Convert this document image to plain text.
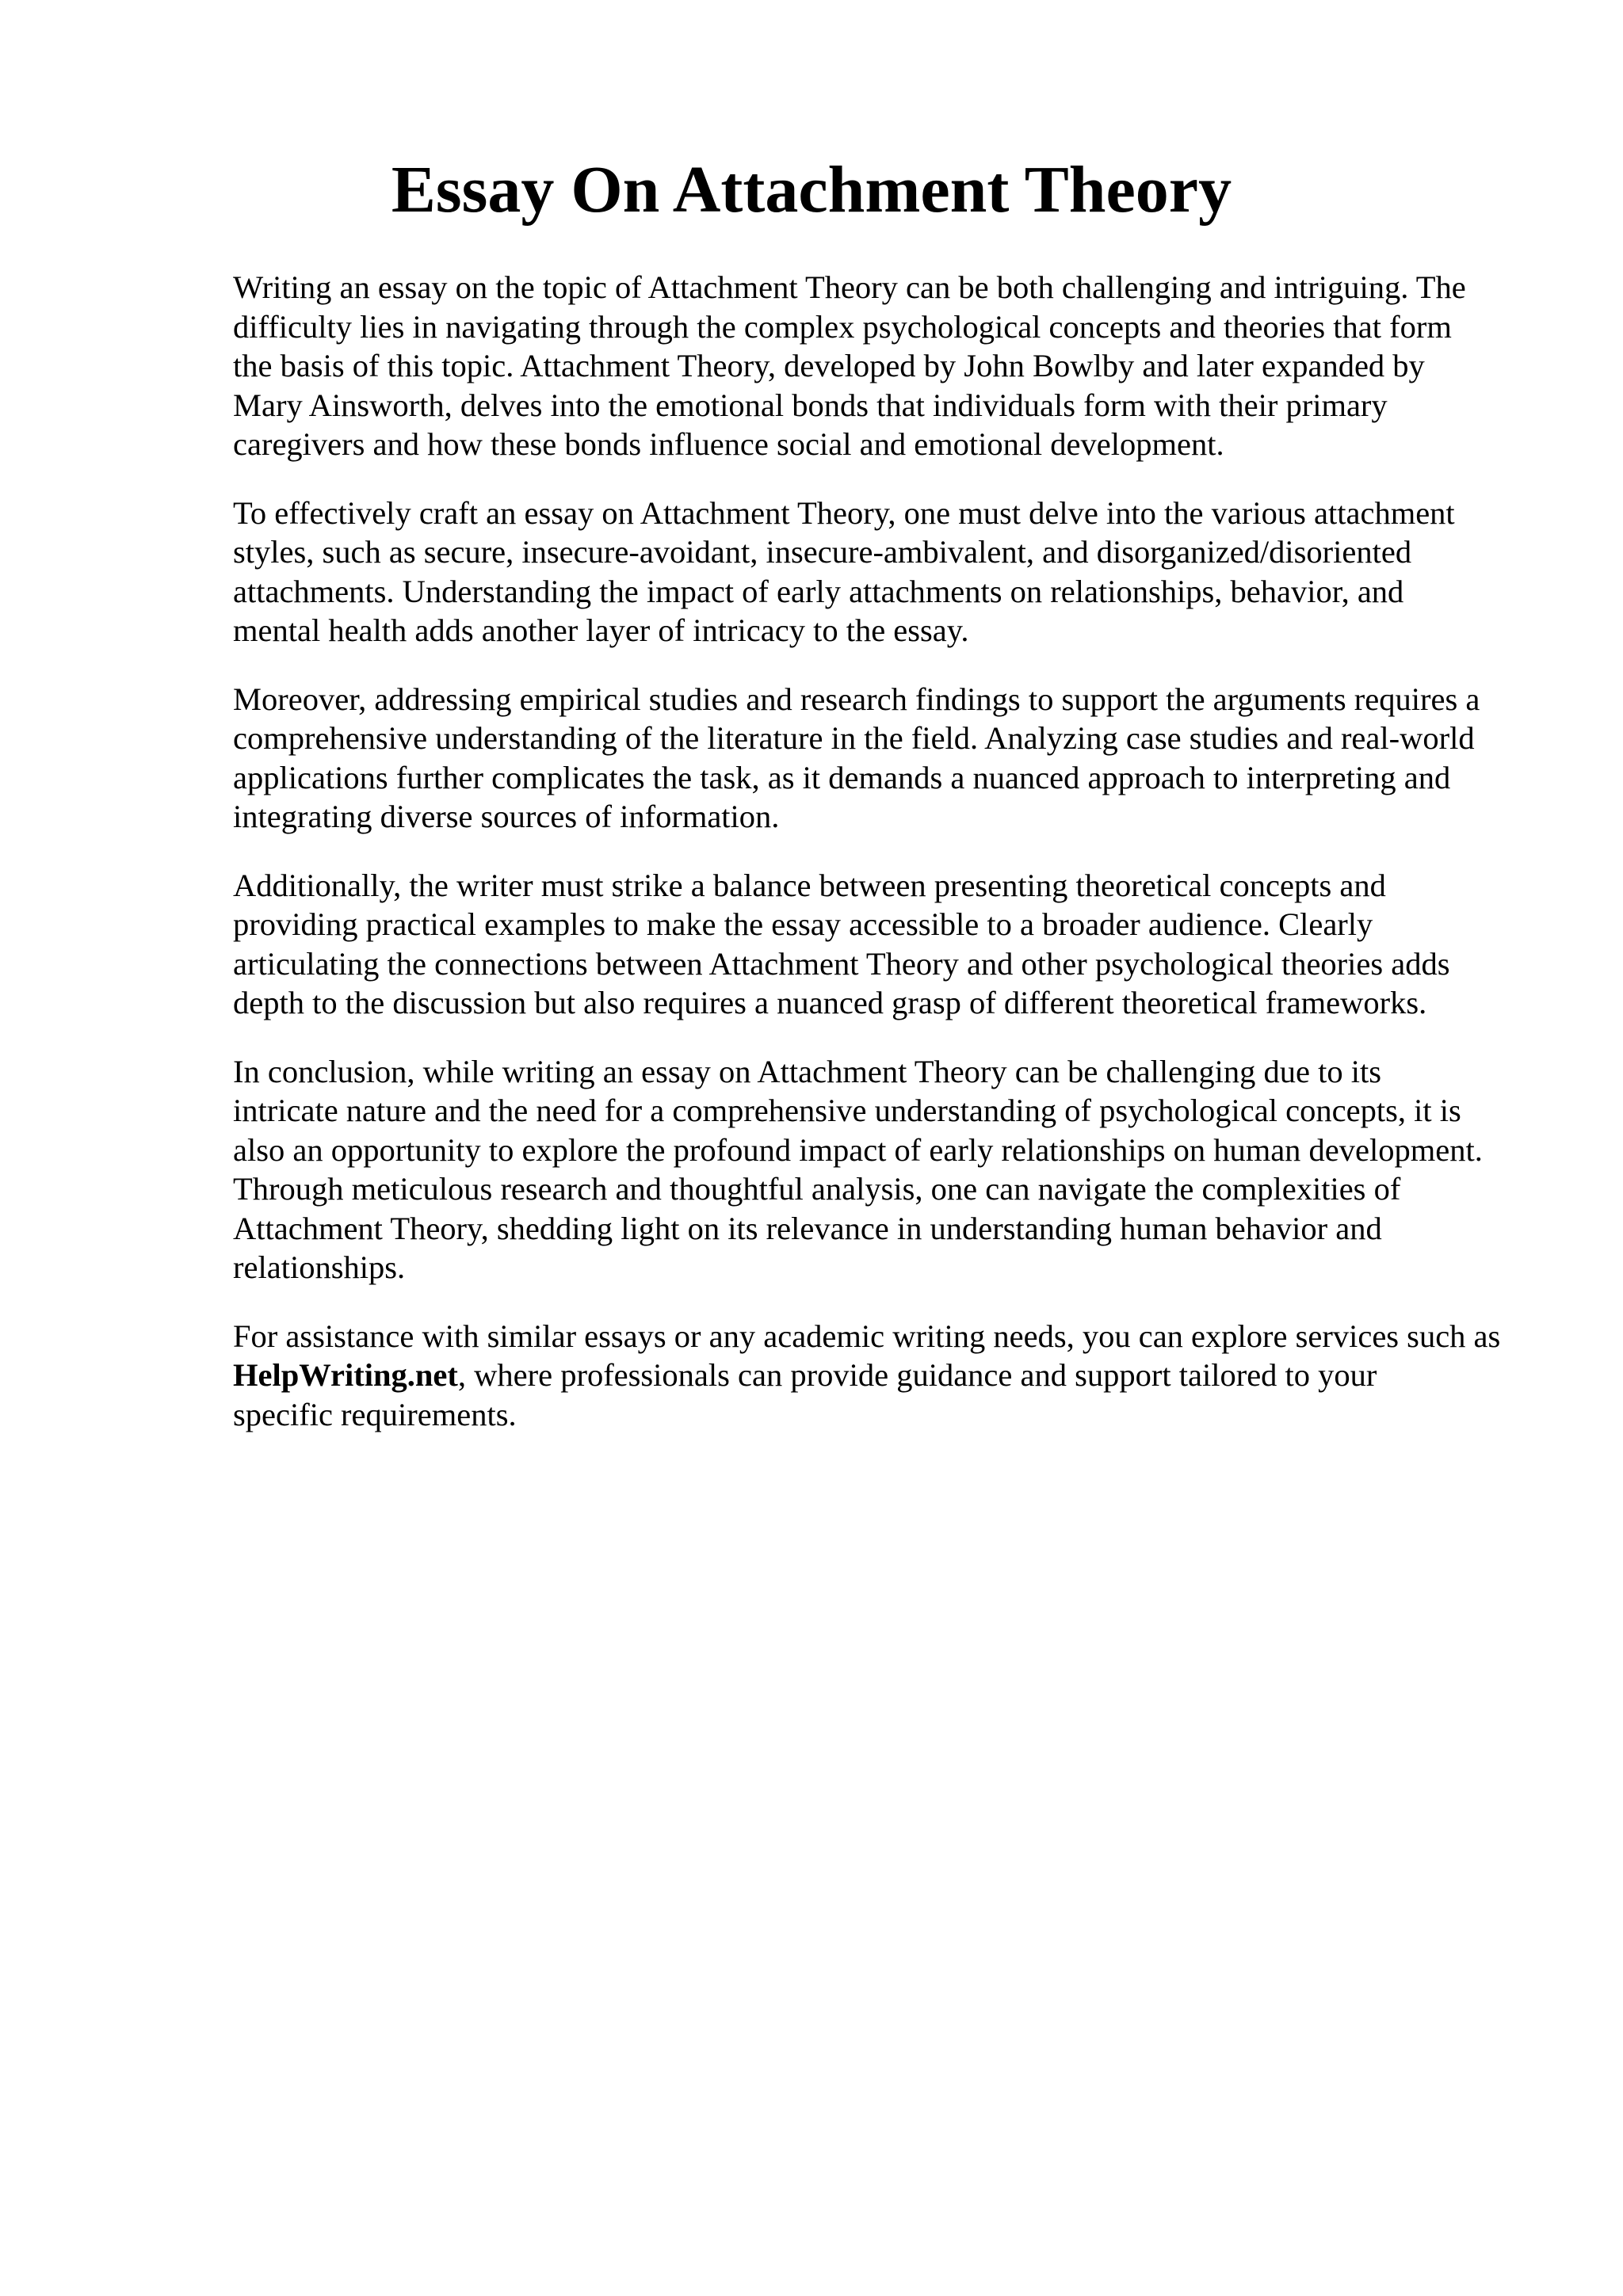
Essay On Attachment Theory

Writing an essay on the topic of Attachment Theory can be both challenging and intriguing. The
difficulty lies in navigating through the complex psychological concepts and theories that form
the basis of this topic. Attachment Theory, developed by John Bowlby and later expanded by
Mary Ainsworth, delves into the emotional bonds that individuals form with their primary
caregivers and how these bonds influence social and emotional development.

To effectively craft an essay on Attachment Theory, one must delve into the various attachment
styles, such as secure, insecure-avoidant, insecure-ambivalent, and disorganized/disoriented
attachments. Understanding the impact of early attachments on relationships, behavior, and
mental health adds another layer of intricacy to the essay.

Moreover, addressing empirical studies and research findings to support the arguments requires a
comprehensive understanding of the literature in the field. Analyzing case studies and real-world
applications further complicates the task, as it demands a nuanced approach to interpreting and
integrating diverse sources of information.

Additionally, the writer must strike a balance between presenting theoretical concepts and
providing practical examples to make the essay accessible to a broader audience. Clearly
articulating the connections between Attachment Theory and other psychological theories adds
depth to the discussion but also requires a nuanced grasp of different theoretical frameworks.

In conclusion, while writing an essay on Attachment Theory can be challenging due to its
intricate nature and the need for a comprehensive understanding of psychological concepts, it is
also an opportunity to explore the profound impact of early relationships on human development.
Through meticulous research and thoughtful analysis, one can navigate the complexities of
Attachment Theory, shedding light on its relevance in understanding human behavior and
relationships.

For assistance with similar essays or any academic writing needs, you can explore services such as
HelpWriting.net, where professionals can provide guidance and support tailored to your
specific requirements.
